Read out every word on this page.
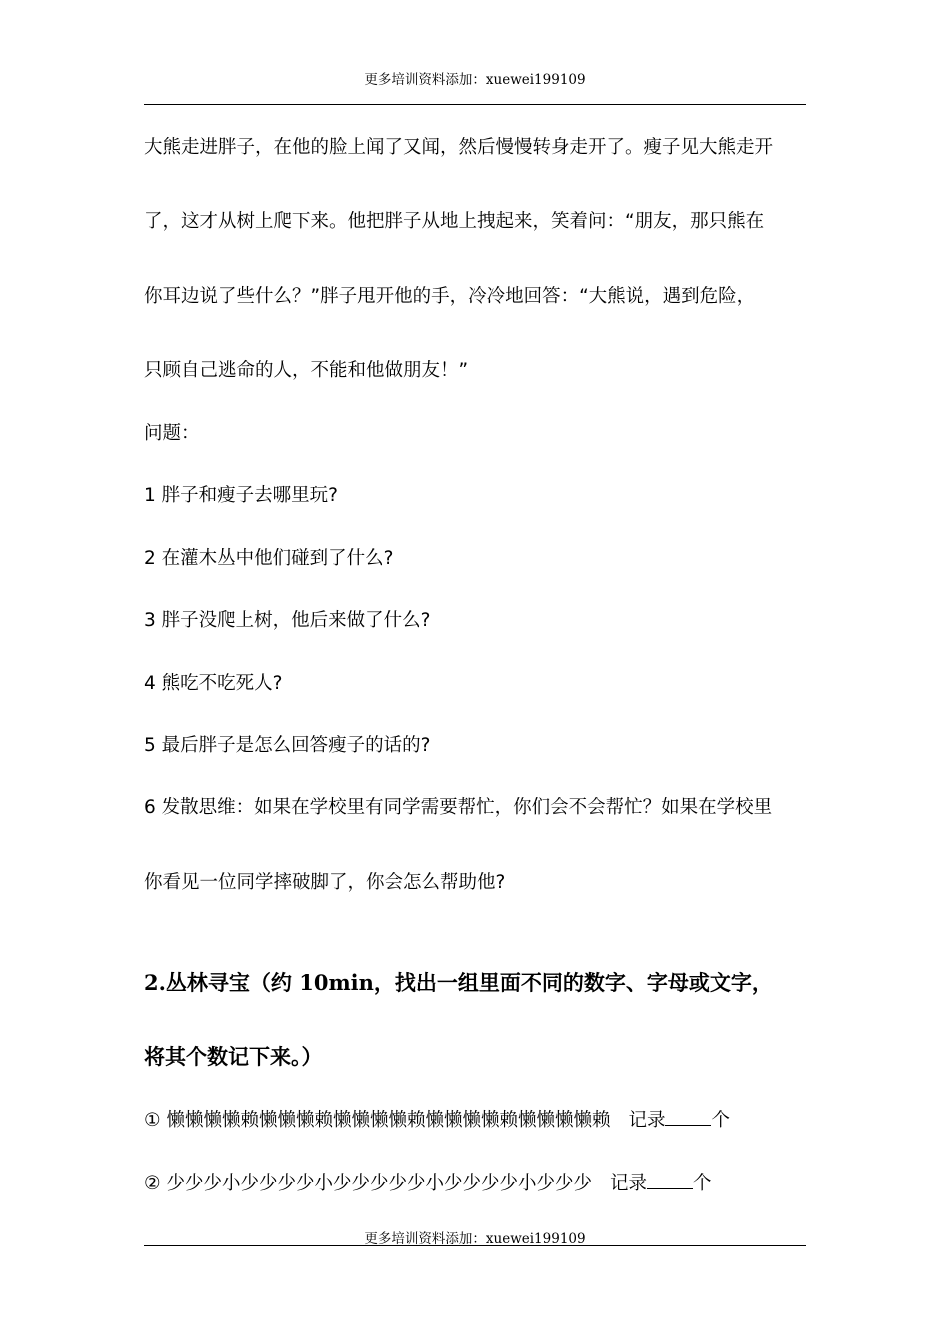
更多培训资料添加：xuewei199109
大熊走进胖子，在他的脸上闻了又闻，然后慢慢转身走开了。瘦子见大熊走开
了，这才从树上爬下来。他把胖子从地上拽起来，笑着问：“朋友，那只熊在
你耳边说了些什么？”胖子甩开他的手，冷冷地回答：“大熊说，遇到危险，
只顾自己逃命的人，不能和他做朋友！”
问题：
1 胖子和瘦子去哪里玩?
2 在灌木丛中他们碰到了什么?
3 胖子没爬上树，他后来做了什么?
4 熊吃不吃死人?
5 最后胖子是怎么回答瘦子的话的?
6 发散思维：如果在学校里有同学需要帮忙，你们会不会帮忙？如果在学校里
你看见一位同学摔破脚了，你会怎么帮助他?
2.丛林寻宝（约 10min，找出一组里面不同的数字、字母或文字，
将其个数记下来。）
① 懒懒懒懒赖懒懒懒赖懒懒懒懒赖懒懒懒懒赖懒懒懒懒赖 记录 个
② 少少少小少少少少小少少少少少小少少少少小少少少 记录 个
更多培训资料添加：xuewei199109
